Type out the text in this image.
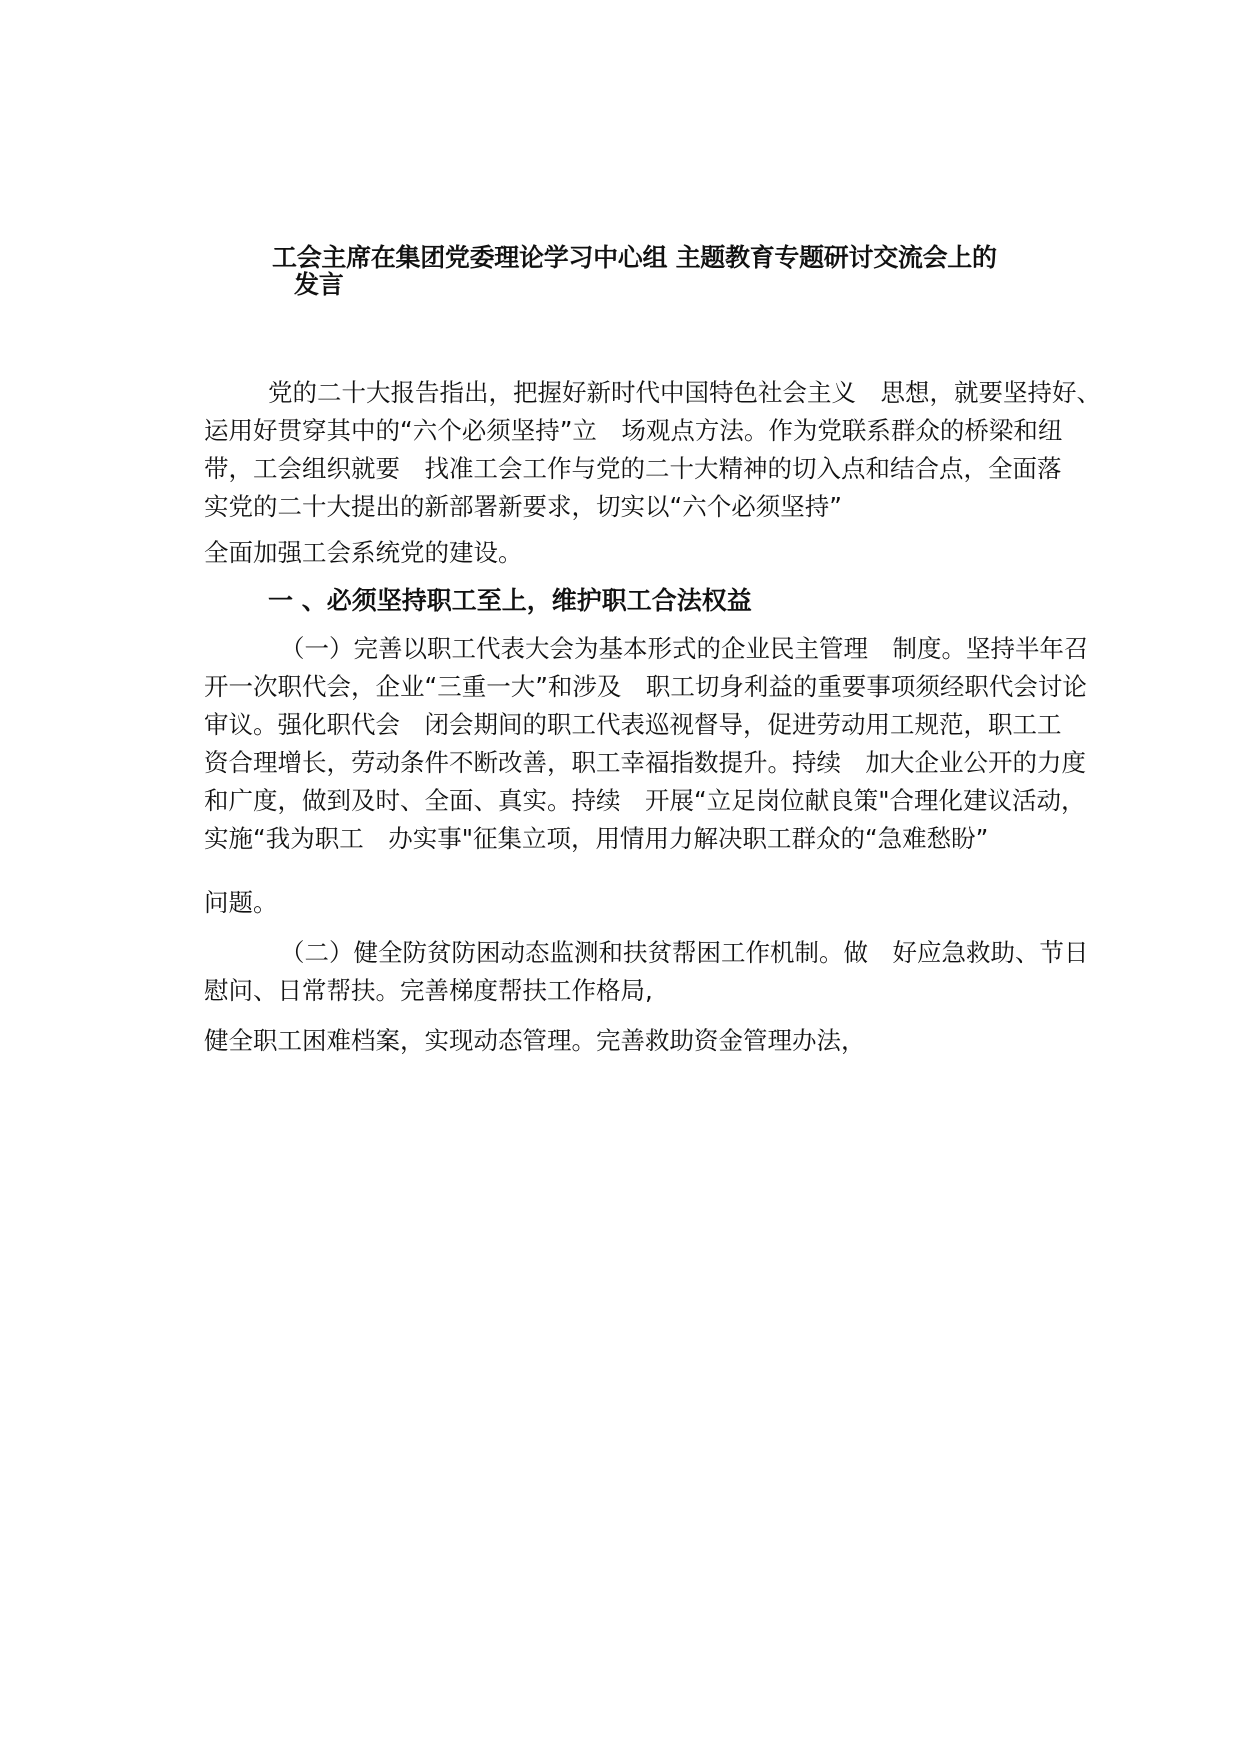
工会主席在集团党委理论学习中心组 主题教育专题研讨交流会上的
发言

党的二十大报告指出，把握好新时代中国特色社会主义　思想，就要坚持好、运用好贯穿其中的“六个必须坚持”立　场观点方法。作为党联系群众的桥梁和纽带，工会组织就要　找准工会工作与党的二十大精神的切入点和结合点，全面落　实党的二十大提出的新部署新要求，切实以“六个必须坚持”

全面加强工会系统党的建设。

一 、必须坚持职工至上，维护职工合法权益

（一）完善以职工代表大会为基本形式的企业民主管理　制度。坚持半年召开一次职代会，企业“三重一大”和涉及　职工切身利益的重要事项须经职代会讨论审议。强化职代会　闭会期间的职工代表巡视督导，促进劳动用工规范，职工工　资合理增长，劳动条件不断改善，职工幸福指数提升。持续　加大企业公开的力度和广度，做到及时、全面、真实。持续　开展“立足岗位献良策"合理化建议活动，实施“我为职工　办实事"征集立项，用情用力解决职工群众的“急难愁盼”

问题。

（二）健全防贫防困动态监测和扶贫帮困工作机制。做　好应急救助、节日慰问、日常帮扶。完善梯度帮扶工作格局,

健全职工困难档案，实现动态管理。完善救助资金管理办法，
